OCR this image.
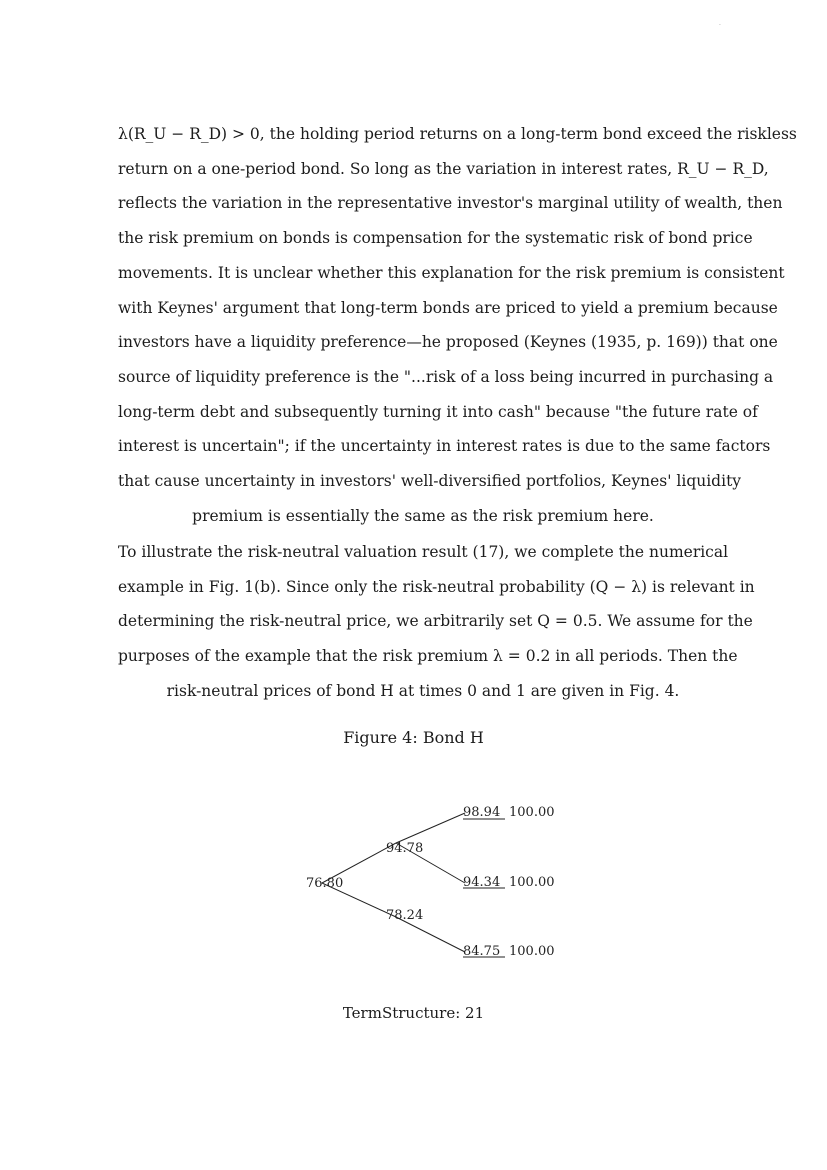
·
λ(R_U − R_D) > 0, the holding period returns on a long-term bond exceed the riskless
return on a one-period bond. So long as the variation in interest rates, R_U − R_D,
reflects the variation in the representative investor's marginal utility of wealth, then
the risk premium on bonds is compensation for the systematic risk of bond price
movements. It is unclear whether this explanation for the risk premium is consistent
with Keynes' argument that long-term bonds are priced to yield a premium because
investors have a liquidity preference—he proposed (Keynes (1935, p. 169)) that one
source of liquidity preference is the "...risk of a loss being incurred in purchasing a
long-term debt and subsequently turning it into cash" because "the future rate of
interest is uncertain"; if the uncertainty in interest rates is due to the same factors
that cause uncertainty in investors' well-diversified portfolios, Keynes' liquidity
premium is essentially the same as the risk premium here.
To illustrate the risk-neutral valuation result (17), we complete the numerical
example in Fig. 1(b). Since only the risk-neutral probability (Q − λ) is relevant in
determining the risk-neutral price, we arbitrarily set Q = 0.5. We assume for the
purposes of the example that the risk premium λ = 0.2 in all periods. Then the
risk-neutral prices of bond H at times 0 and 1 are given in Fig. 4.
Figure 4: Bond H
76.80
94.78
78.24
98.94
94.34
84.75
100.00
100.00
100.00
TermStructure: 21
